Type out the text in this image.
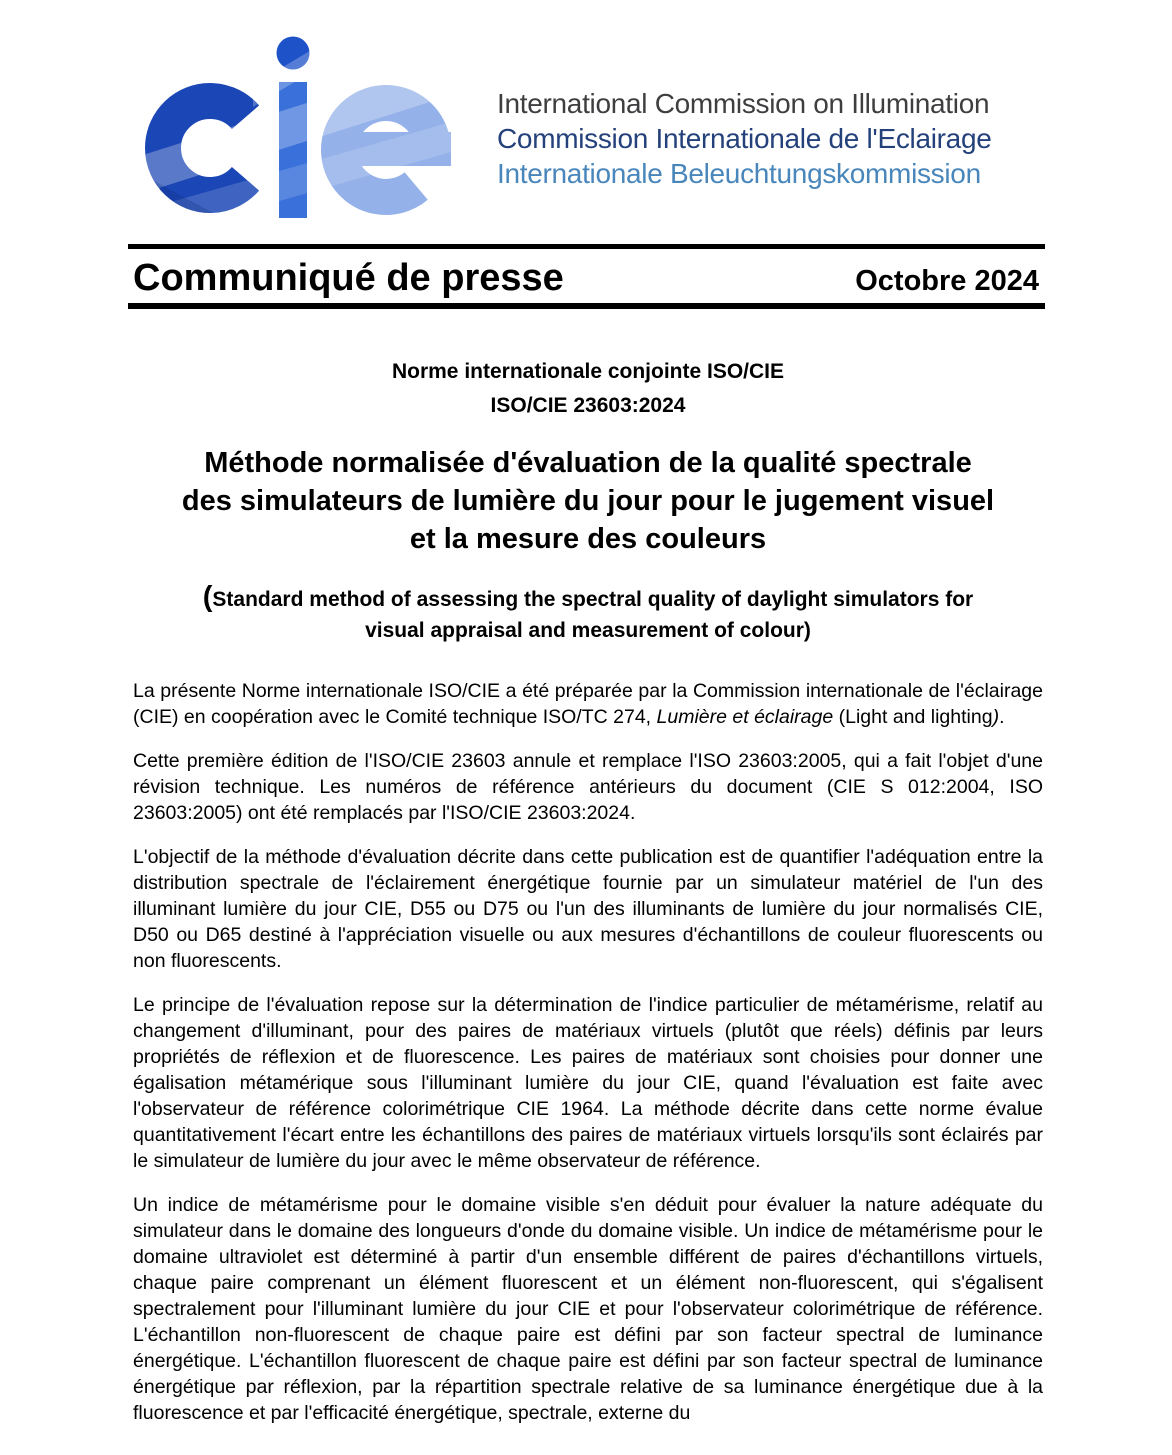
International Commission on Illumination
Commission Internationale de l'Eclairage
Internationale Beleuchtungskommission
Communiqué de presse	Octobre 2024
Norme internationale conjointe ISO/CIE
ISO/CIE 23603:2024
Méthode normalisée d'évaluation de la qualité spectrale
des simulateurs de lumière du jour pour le jugement visuel
et la mesure des couleurs
(Standard method of assessing the spectral quality of daylight simulators for
visual appraisal and measurement of colour)

La présente Norme internationale ISO/CIE a été préparée par la Commission internationale de l'éclairage (CIE) en coopération avec le Comité technique ISO/TC 274, Lumière et éclairage (Light and lighting).

Cette première édition de l'ISO/CIE 23603 annule et remplace l'ISO 23603:2005, qui a fait l'objet d'une révision technique. Les numéros de référence antérieurs du document (CIE S 012:2004, ISO 23603:2005) ont été remplacés par l'ISO/CIE 23603:2024.

L'objectif de la méthode d'évaluation décrite dans cette publication est de quantifier l'adéquation entre la distribution spectrale de l'éclairement énergétique fournie par un simulateur matériel de l'un des illuminant lumière du jour CIE, D55 ou D75 ou l'un des illuminants de lumière du jour normalisés CIE, D50 ou D65 destiné à l'appréciation visuelle ou aux mesures d'échantillons de couleur fluorescents ou non fluorescents.

Le principe de l'évaluation repose sur la détermination de l'indice particulier de métamérisme, relatif au changement d'illuminant, pour des paires de matériaux virtuels (plutôt que réels) définis par leurs propriétés de réflexion et de fluorescence. Les paires de matériaux sont choisies pour donner une égalisation métamérique sous l'illuminant lumière du jour CIE, quand l'évaluation est faite avec l'observateur de référence colorimétrique CIE 1964. La méthode décrite dans cette norme évalue quantitativement l'écart entre les échantillons des paires de matériaux virtuels lorsqu'ils sont éclairés par le simulateur de lumière du jour avec le même observateur de référence.

Un indice de métamérisme pour le domaine visible s'en déduit pour évaluer la nature adéquate du simulateur dans le domaine des longueurs d'onde du domaine visible. Un indice de métamérisme pour le domaine ultraviolet est déterminé à partir d'un ensemble différent de paires d'échantillons virtuels, chaque paire comprenant un élément fluorescent et un élément non-fluorescent, qui s'égalisent spectralement pour l'illuminant lumière du jour CIE et pour l'observateur colorimétrique de référence. L'échantillon non-fluorescent de chaque paire est défini par son facteur spectral de luminance énergétique. L'échantillon fluorescent de chaque paire est défini par son facteur spectral de luminance énergétique par réflexion, par la répartition spectrale relative de sa luminance énergétique due à la fluorescence et par l'efficacité énergétique, spectrale, externe du
